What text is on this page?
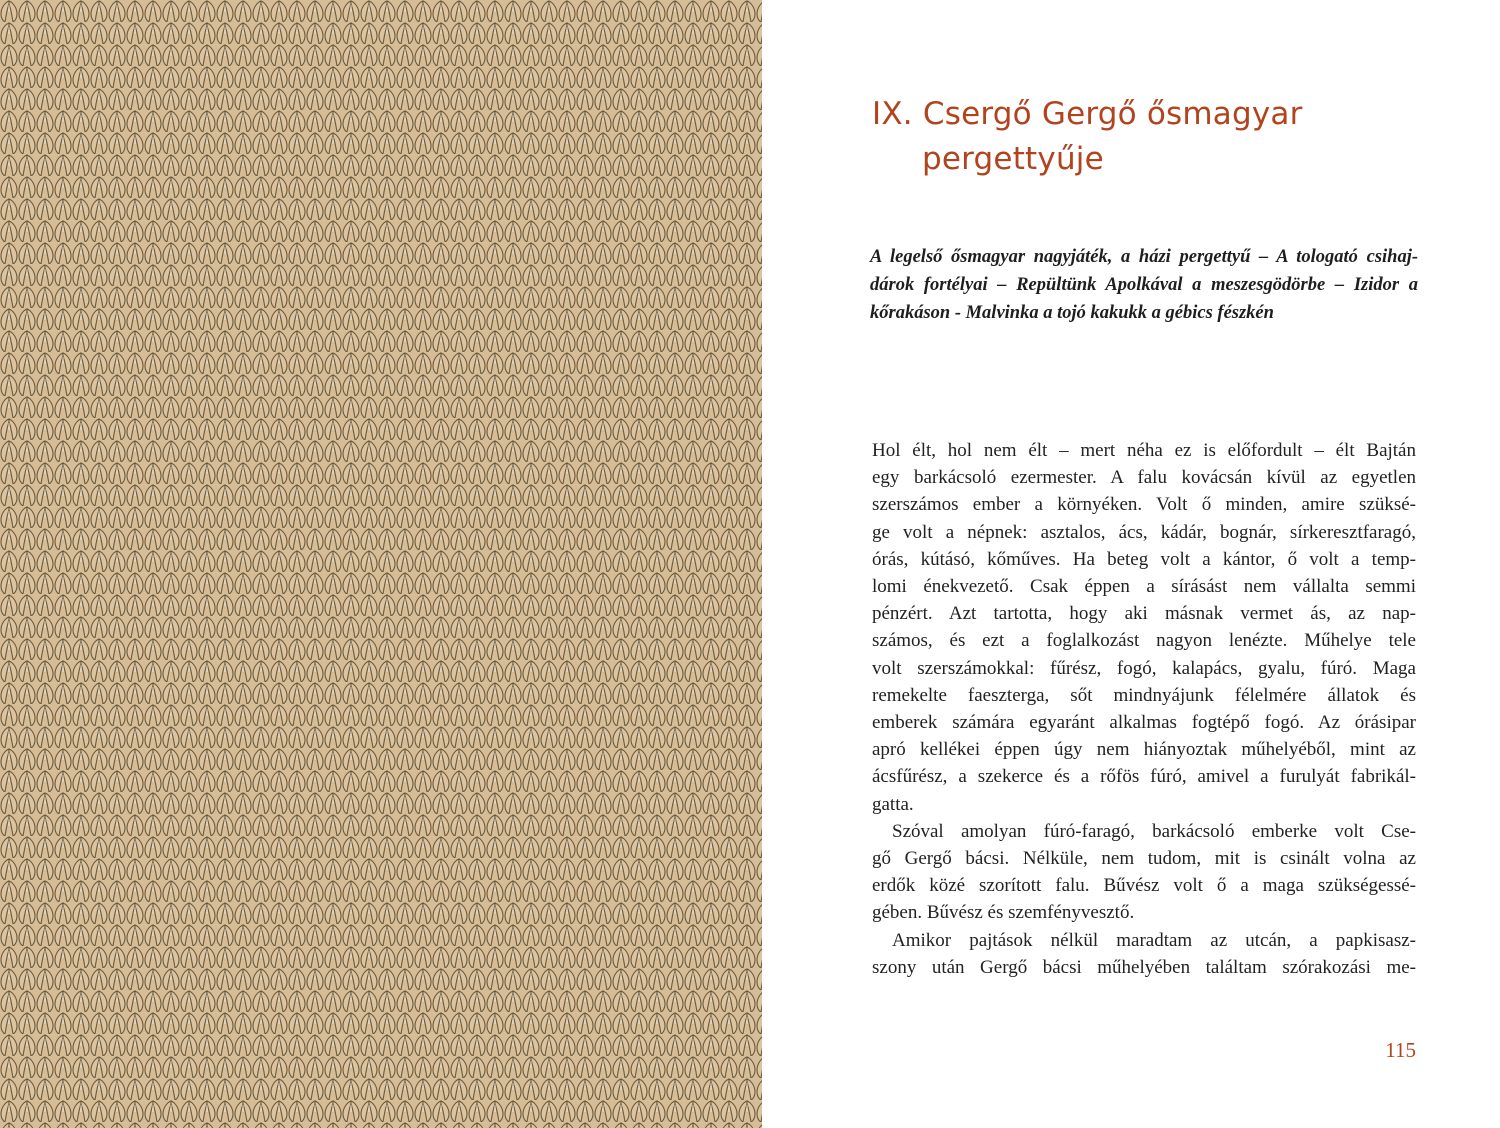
IX. Csergő Gergő ősmagyar
pergettyűje

A legelső ősmagyar nagyjáték, a házi pergettyű – A tologató csihaj-
dárok fortélyai – Repültünk Apolkával a meszesgödörbe – Izidor a
kőrakáson - Malvinka a tojó kakukk a gébics fészkén

Hol élt, hol nem élt – mert néha ez is előfordult – élt Bajtán
egy barkácsoló ezermester. A falu kovácsán kívül az egyetlen
szerszámos ember a környéken. Volt ő minden, amire szüksé-
ge volt a népnek: asztalos, ács, kádár, bognár, sírkeresztfaragó,
órás, kútásó, kőműves. Ha beteg volt a kántor, ő volt a temp-
lomi énekvezető. Csak éppen a sírásást nem vállalta semmi
pénzért. Azt tartotta, hogy aki másnak vermet ás, az nap-
számos, és ezt a foglalkozást nagyon lenézte. Műhelye tele
volt szerszámokkal: fűrész, fogó, kalapács, gyalu, fúró. Maga
remekelte faeszterga, sőt mindnyájunk félelmére állatok és
emberek számára egyaránt alkalmas fogtépő fogó. Az órásipar
apró kellékei éppen úgy nem hiányoztak műhelyéből, mint az
ácsfűrész, a szekerce és a rőfös fúró, amivel a furulyát fabrikál-
gatta.
Szóval amolyan fúró-faragó, barkácsoló emberke volt Cse-
gő Gergő bácsi. Nélküle, nem tudom, mit is csinált volna az
erdők közé szorított falu. Bűvész volt ő a maga szükségessé-
gében. Bűvész és szemfényvesztő.
Amikor pajtások nélkül maradtam az utcán, a papkisasz-
szony után Gergő bácsi műhelyében találtam szórakozási me-
115
